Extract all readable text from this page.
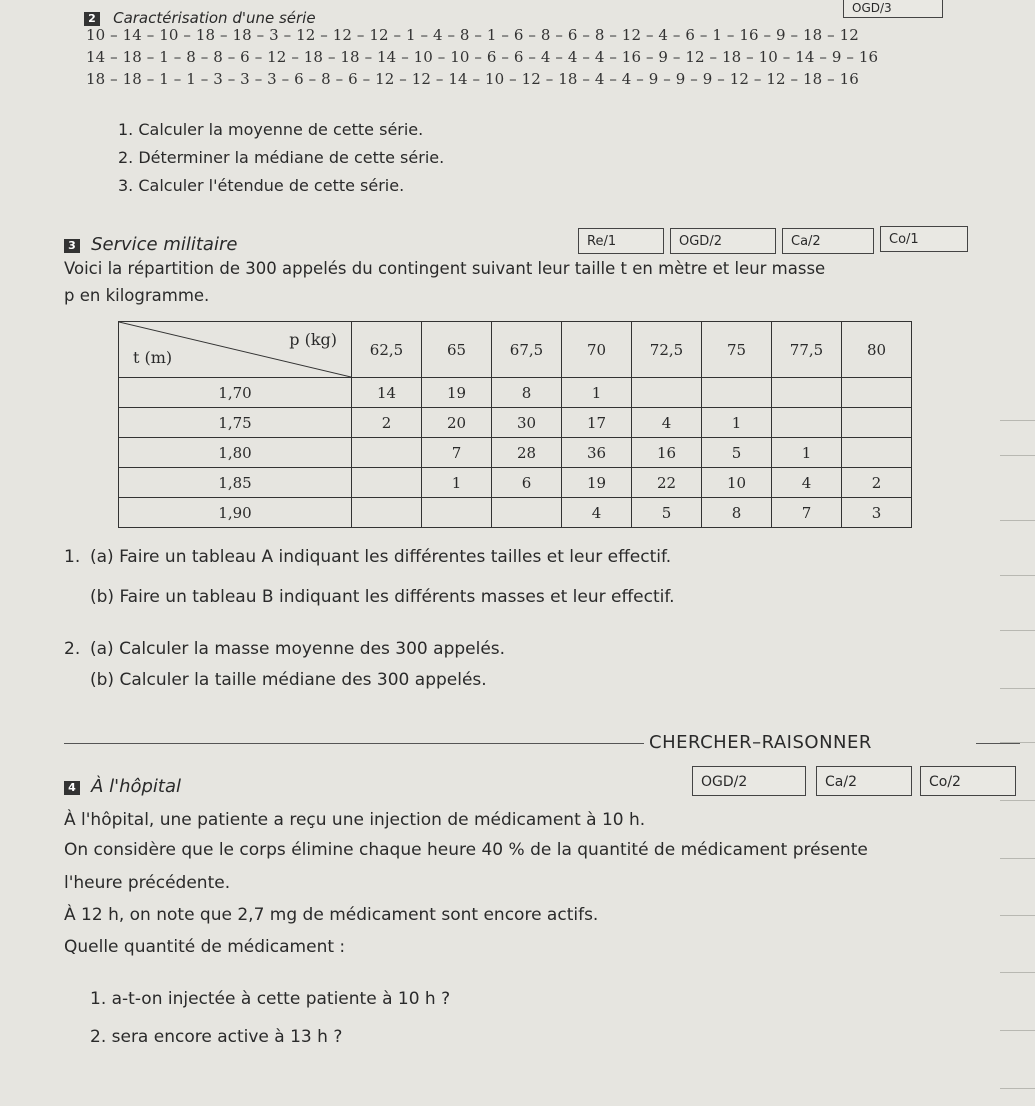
2 Caractérisation d'une série
OGD/3
10 – 14 – 10 – 18 – 18 – 3 – 12 – 12 – 12 – 1 – 4 – 8 – 1 – 6 – 8 – 6 – 8 – 12 – 4 – 6 – 1 – 16 – 9 – 18 – 12
14 – 18 – 1 – 8 – 8 – 6 – 12 – 18 – 18 – 14 – 10 – 10 – 6 – 6 – 4 – 4 – 4 – 16 – 9 – 12 – 18 – 10 – 14 – 9 – 16
18 – 18 – 1 – 1 – 3 – 3 – 3 – 6 – 8 – 6 – 12 – 12 – 14 – 10 – 12 – 18 – 4 – 4 – 9 – 9 – 9 – 12 – 12 – 18 – 16
1. Calculer la moyenne de cette série.
2. Déterminer la médiane de cette série.
3. Calculer l'étendue de cette série.
3 Service militaire	Re/1	OGD/2	Ca/2	Co/1
Voici la répartition de 300 appelés du contingent suivant leur taille t en mètre et leur masse
p en kilogramme.
p (kg)
t (m)	62,5	65	67,5	70	72,5	75	77,5	80
1,70	14	19	8	1				
1,75	2	20	30	17	4	1		
1,80		7	28	36	16	5	1	
1,85		1	6	19	22	10	4	2
1,90				4	5	8	7	3
1. (a) Faire un tableau A indiquant les différentes tailles et leur effectif.
(b) Faire un tableau B indiquant les différents masses et leur effectif.
2. (a) Calculer la masse moyenne des 300 appelés.
(b) Calculer la taille médiane des 300 appelés.
CHERCHER–RAISONNER
4 À l'hôpital	OGD/2	Ca/2	Co/2
À l'hôpital, une patiente a reçu une injection de médicament à 10 h.
On considère que le corps élimine chaque heure 40 % de la quantité de médicament présente
l'heure précédente.
À 12 h, on note que 2,7 mg de médicament sont encore actifs.
Quelle quantité de médicament :
1. a-t-on injectée à cette patiente à 10 h ?
2. sera encore active à 13 h ?
